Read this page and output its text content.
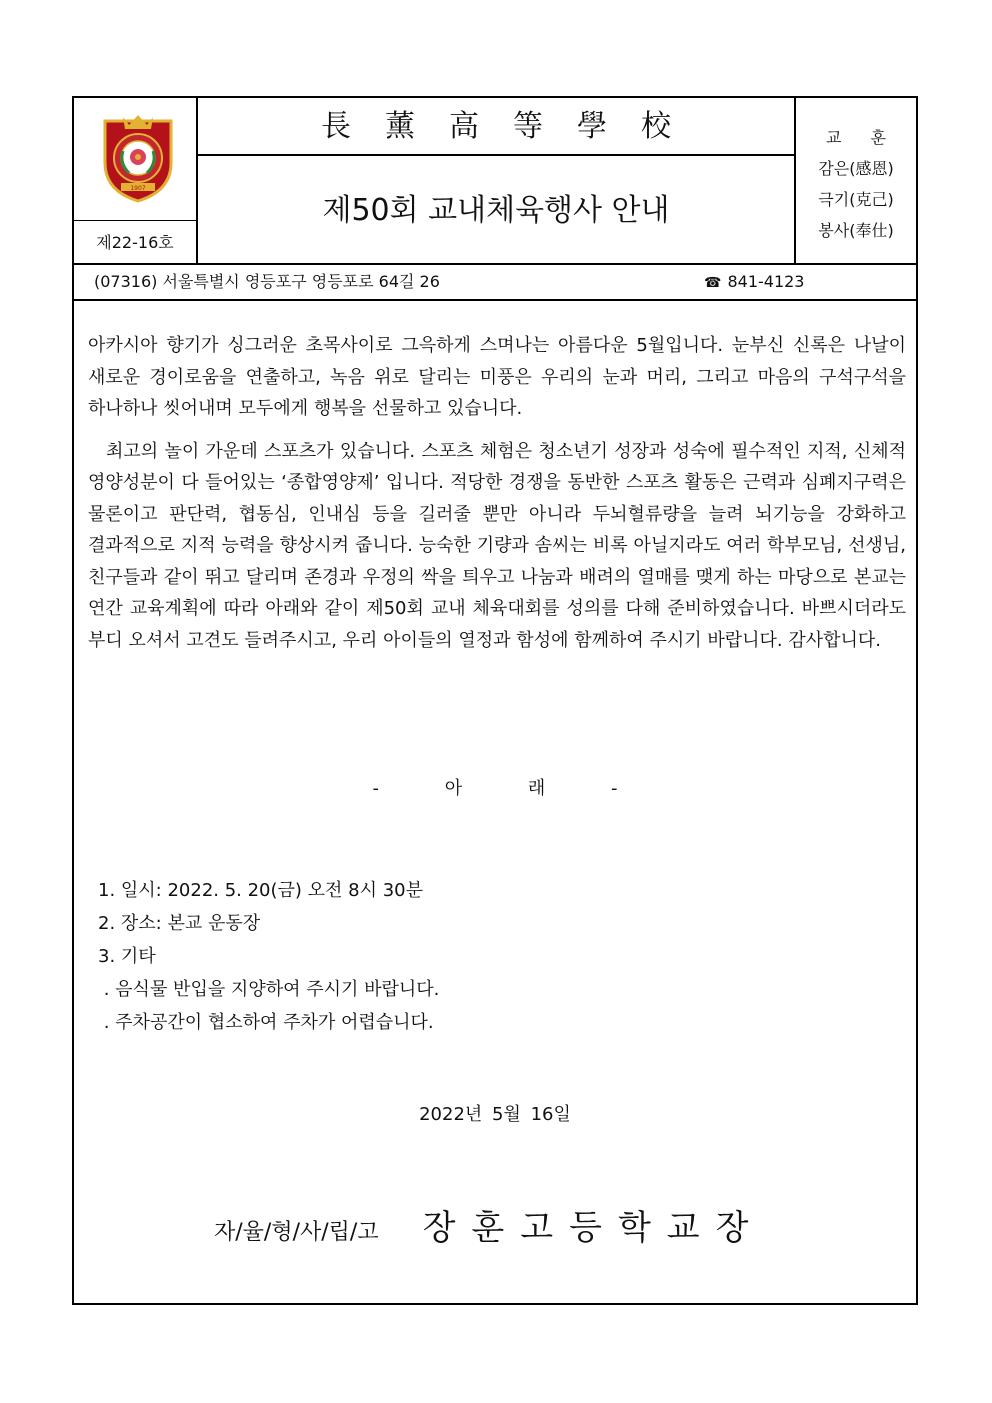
1907
제22-16호
長薰高等學校
제50회 교내체육행사 안내
교 훈
감은(感恩)
극기(克己)
봉사(奉仕)
(07316) 서울특별시 영등포구 영등포로 64길 26	☎ 841-4123

아카시아 향기가 싱그러운 초목사이로 그윽하게 스며나는 아름다운 5월입니다. 눈부신 신록은 나날이 새로운 경이로움을 연출하고, 녹음 위로 달리는 미풍은 우리의 눈과 머리, 그리고 마음의 구석구석을 하나하나 씻어내며 모두에게 행복을 선물하고 있습니다.

최고의 놀이 가운데 스포츠가 있습니다. 스포츠 체험은 청소년기 성장과 성숙에 필수적인 지적, 신체적 영양성분이 다 들어있는 ‘종합영양제’ 입니다. 적당한 경쟁을 동반한 스포츠 활동은 근력과 심폐지구력은 물론이고 판단력, 협동심, 인내심 등을 길러줄 뿐만 아니라 두뇌혈류량을 늘려 뇌기능을 강화하고 결과적으로 지적 능력을 향상시켜 줍니다. 능숙한 기량과 솜씨는 비록 아닐지라도 여러 학부모님, 선생님, 친구들과 같이 뛰고 달리며 존경과 우정의 싹을 틔우고 나눔과 배려의 열매를 맺게 하는 마당으로 본교는 연간 교육계획에 따라 아래와 같이 제50회 교내 체육대회를 성의를 다해 준비하였습니다. 바쁘시더라도 부디 오셔서 고견도 들려주시고, 우리 아이들의 열정과 함성에 함께하여 주시기 바랍니다. 감사합니다.

- 아 래 -
1. 일시: 2022. 5. 20(금) 오전 8시 30분
2. 장소: 본교 운동장
3. 기타
. 음식물 반입을 지양하여 주시기 바랍니다.
. 주차공간이 협소하여 주차가 어렵습니다.
2022년 5월 16일
자/율/형/사/립/고 장훈고등학교장
